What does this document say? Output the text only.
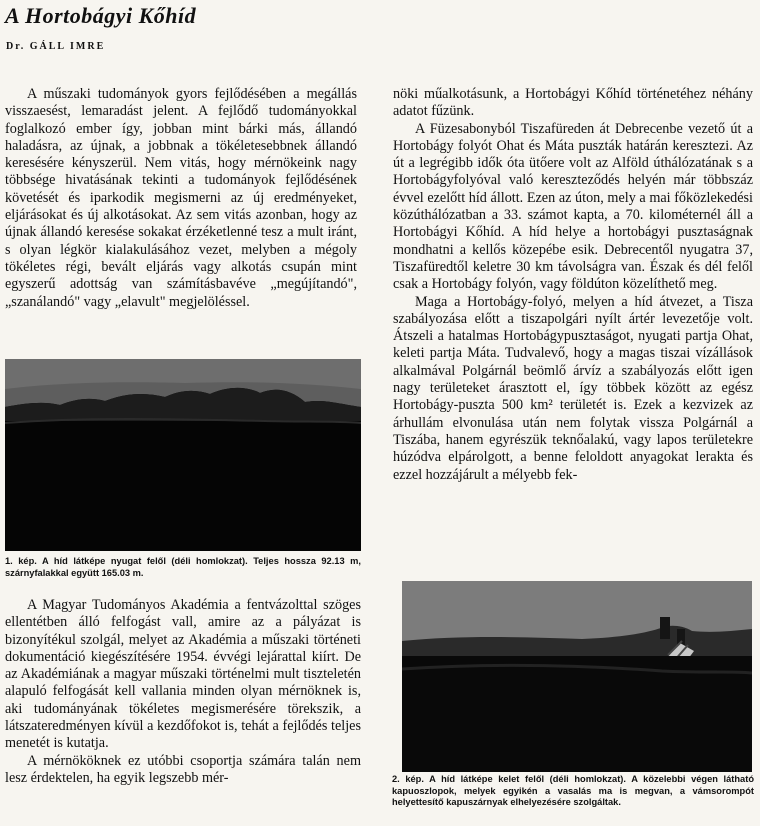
A Hortobágyi Kőhíd
Dr. GÁLL IMRE

A műszaki tudományok gyors fejlődésében a megállás visszaesést, lemaradást jelent. A fejlődő tudományokkal foglalkozó ember így, jobban mint bárki más, állandó haladásra, az újnak, a jobbnak a tökéletesebbnek állandó keresésére kényszerül. Nem vitás, hogy mérnökeink nagy többsége hivatásának tekinti a tudományok fejlődésének követését és iparkodik megismerni az új eredményeket, eljárásokat és új alkotásokat. Az sem vitás azonban, hogy az újnak állandó keresése sokakat érzéketlenné tesz a mult iránt, s olyan légkör kialakulásához vezet, melyben a mégoly tökéletes régi, bevált eljárás vagy alkotás csupán mint egyszerű adottság van számításbavéve „megújítandó", „szanálandó" vagy „elavult" megjelöléssel.

1. kép. A híd látképe nyugat felől (déli homlokzat). Teljes hossza 92.13 m, szárnyfalakkal együtt 165.03 m.

A Magyar Tudományos Akadémia a fentvázolttal szöges ellentétben álló felfogást vall, amire az a pályázat is bizonyítékul szolgál, melyet az Akadémia a műszaki történeti dokumentáció kiegészítésére 1954. évvégi lejárattal kiírt. De az Akadémiának a magyar műszaki történelmi mult tiszteletén alapuló felfogását kell vallania minden olyan mérnöknek is, aki tudományának tökéletes megismerésére törekszik, a látszateredményen kívül a kezdőfokot is, tehát a fejlődés teljes menetét is kutatja.

A mérnököknek ez utóbbi csoportja számára talán nem lesz érdektelen, ha egyik legszebb mér-

nöki műalkotásunk, a Hortobágyi Kőhíd történetéhez néhány adatot fűzünk.

A Füzesabonyból Tiszafüreden át Debrecenbe vezető út a Hortobágy folyót Ohat és Máta puszták határán keresztezi. Az út a legrégibb idők óta ütőere volt az Alföld úthálózatának s a Hortobágyfolyóval való kereszteződés helyén már többszáz évvel ezelőtt híd állott. Ezen az úton, mely a mai főközlekedési közúthálózatban a 33. számot kapta, a 70. kilométernél áll a Hortobágyi Kőhíd. A híd helye a hortobágyi pusztaságnak mondhatni a kellős közepébe esik. Debrecentől nyugatra 37, Tiszafüredtől keletre 30 km távolságra van. Észak és dél felől csak a Hortobágy folyón, vagy földúton közelíthető meg.

Maga a Hortobágy-folyó, melyen a híd átvezet, a Tisza szabályozása előtt a tiszapolgári nyílt ártér levezetője volt. Átszeli a hatalmas Hortobágypusztaságot, nyugati partja Ohat, keleti partja Máta. Tudvalevő, hogy a magas tiszai vízállások alkalmával Polgárnál beömlő árvíz a szabályozás előtt igen nagy területeket árasztott el, így többek között az egész Hortobágy-puszta 500 km² területét is. Ezek a kezvizek az árhullám elvonulása után nem folytak vissza Polgárnál a Tiszába, hanem egyrészük teknőalakú, vagy lapos területekre húzódva elpárolgott, a benne feloldott anyagokat lerakta és ezzel hozzájárult a mélyebb fek-

2. kép. A híd látképe kelet felől (déli homlokzat). A közelebbi végen látható kapuoszlopok, melyek egyikén a vasalás ma is megvan, a vámsorompót helyettesítő kapuszárnyak elhelyezésére szolgáltak.
